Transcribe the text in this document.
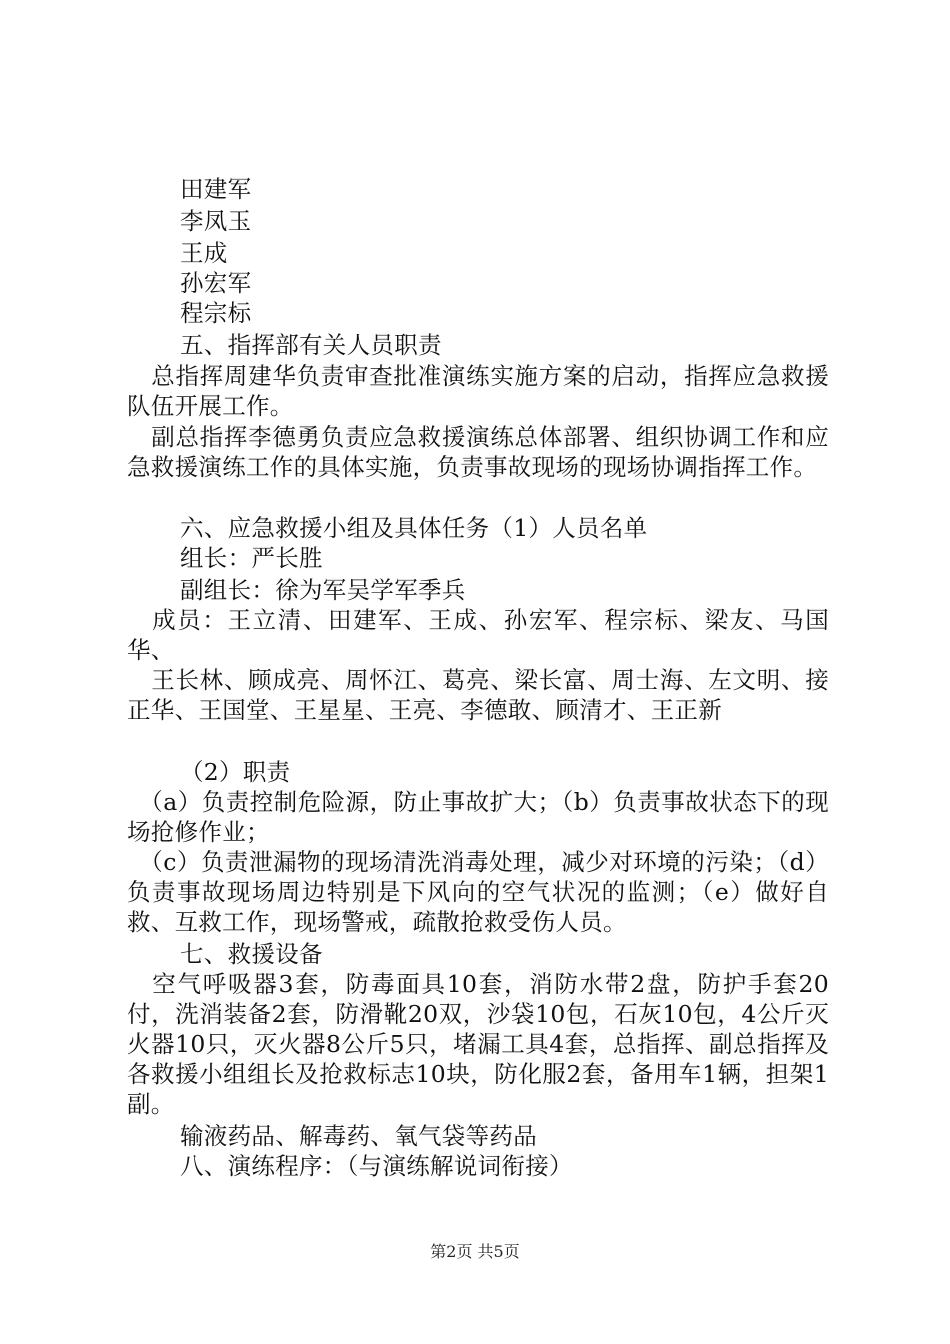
田建军
李凤玉
王成
孙宏军
程宗标
五、指挥部有关人员职责
　总指挥周建华负责审查批准演练实施方案的启动，指挥应急救援队伍开展工作。
　副总指挥李德勇负责应急救援演练总体部署、组织协调工作和应急救援演练工作的具体实施，负责事故现场的现场协调指挥工作。
六、应急救援小组及具体任务（1）人员名单
组长：严长胜
副组长：徐为军吴学军季兵
　成员：王立清、田建军、王成、孙宏军、程宗标、梁友、马国华、
　王长林、顾成亮、周怀江、葛亮、梁长富、周士海、左文明、接正华、王国堂、王星星、王亮、李德敢、顾清才、王正新
（2）职责
　（a）负责控制危险源，防止事故扩大；（b）负责事故状态下的现场抢修作业；
　（c）负责泄漏物的现场清洗消毒处理，减少对环境的污染；（d）负责事故现场周边特别是下风向的空气状况的监测；（e）做好自救、互救工作，现场警戒，疏散抢救受伤人员。
七、救援设备
　空气呼吸器3套，防毒面具10套，消防水带2盘，防护手套20付，洗消装备2套，防滑靴20双，沙袋10包，石灰10包，4公斤灭火器10只，灭火器8公斤5只，堵漏工具4套，总指挥、副总指挥及各救援小组组长及抢救标志10块，防化服2套，备用车1辆，担架1副。
输液药品、解毒药、氧气袋等药品
八、演练程序：（与演练解说词衔接）
第2页 共5页
